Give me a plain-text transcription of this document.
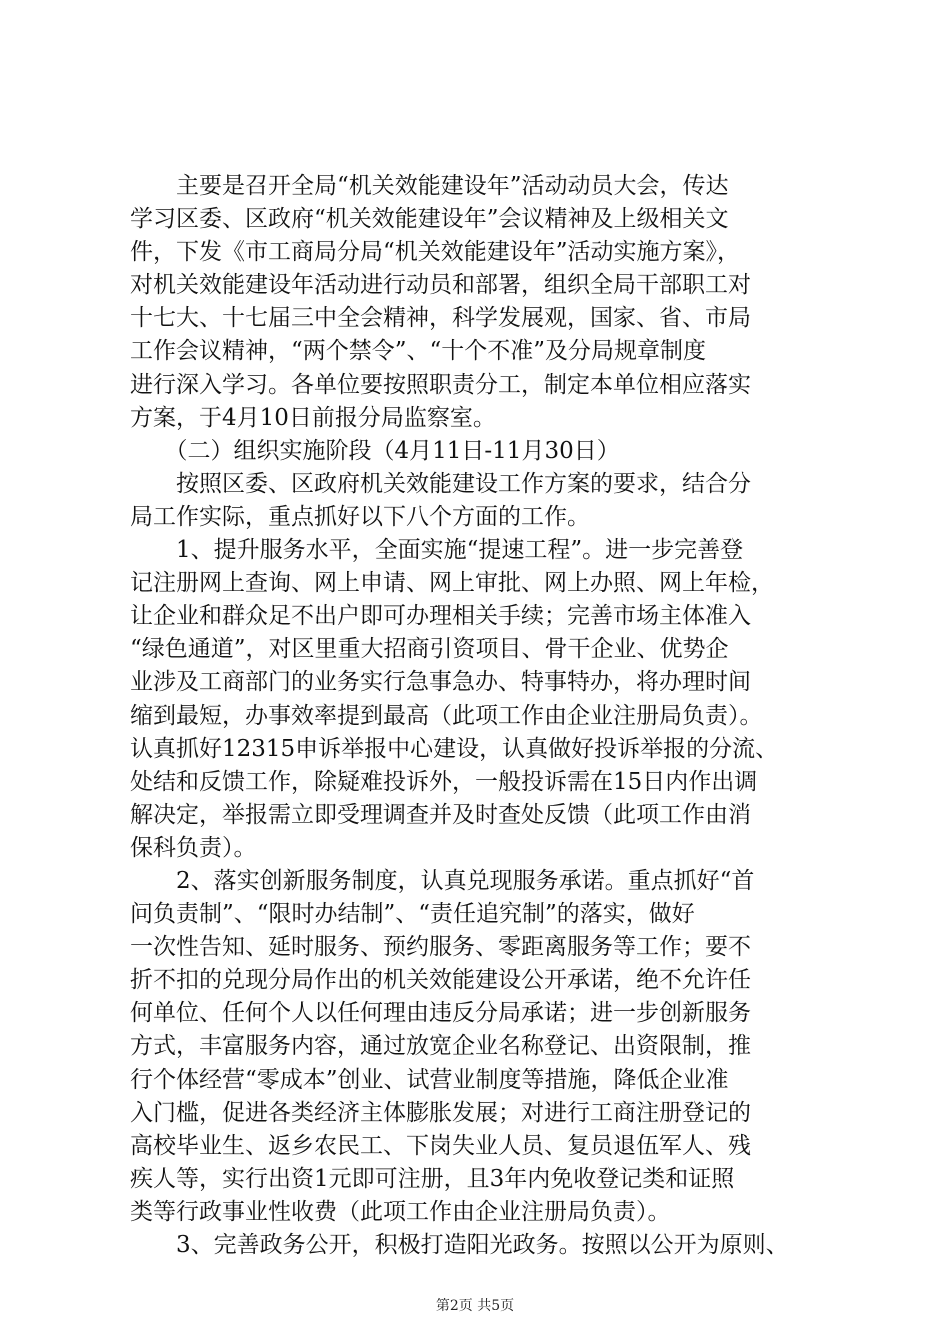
　　主要是召开全局“机关效能建设年”活动动员大会，传达
学习区委、区政府“机关效能建设年”会议精神及上级相关文
件，下发《市工商局分局“机关效能建设年”活动实施方案》，
对机关效能建设年活动进行动员和部署，组织全局干部职工对
十七大、十七届三中全会精神，科学发展观，国家、省、市局
工作会议精神，“两个禁令”、“十个不准”及分局规章制度
进行深入学习。各单位要按照职责分工，制定本单位相应落实
方案，于4月10日前报分局监察室。
　　（二）组织实施阶段（4月11日-11月30日）
　　按照区委、区政府机关效能建设工作方案的要求，结合分
局工作实际，重点抓好以下八个方面的工作。
　　1、提升服务水平，全面实施“提速工程”。进一步完善登
记注册网上查询、网上申请、网上审批、网上办照、网上年检，
让企业和群众足不出户即可办理相关手续；完善市场主体准入
“绿色通道”，对区里重大招商引资项目、骨干企业、优势企
业涉及工商部门的业务实行急事急办、特事特办，将办理时间
缩到最短，办事效率提到最高（此项工作由企业注册局负责）。
认真抓好12315申诉举报中心建设，认真做好投诉举报的分流、
处结和反馈工作，除疑难投诉外，一般投诉需在15日内作出调
解决定，举报需立即受理调查并及时查处反馈（此项工作由消
保科负责）。
　　2、落实创新服务制度，认真兑现服务承诺。重点抓好“首
问负责制”、“限时办结制”、“责任追究制”的落实，做好
一次性告知、延时服务、预约服务、零距离服务等工作；要不
折不扣的兑现分局作出的机关效能建设公开承诺，绝不允许任
何单位、任何个人以任何理由违反分局承诺；进一步创新服务
方式，丰富服务内容，通过放宽企业名称登记、出资限制，推
行个体经营“零成本”创业、试营业制度等措施，降低企业准
入门槛，促进各类经济主体膨胀发展；对进行工商注册登记的
高校毕业生、返乡农民工、下岗失业人员、复员退伍军人、残
疾人等，实行出资1元即可注册，且3年内免收登记类和证照
类等行政事业性收费（此项工作由企业注册局负责）。
　　3、完善政务公开，积极打造阳光政务。按照以公开为原则、
第2页 共5页
